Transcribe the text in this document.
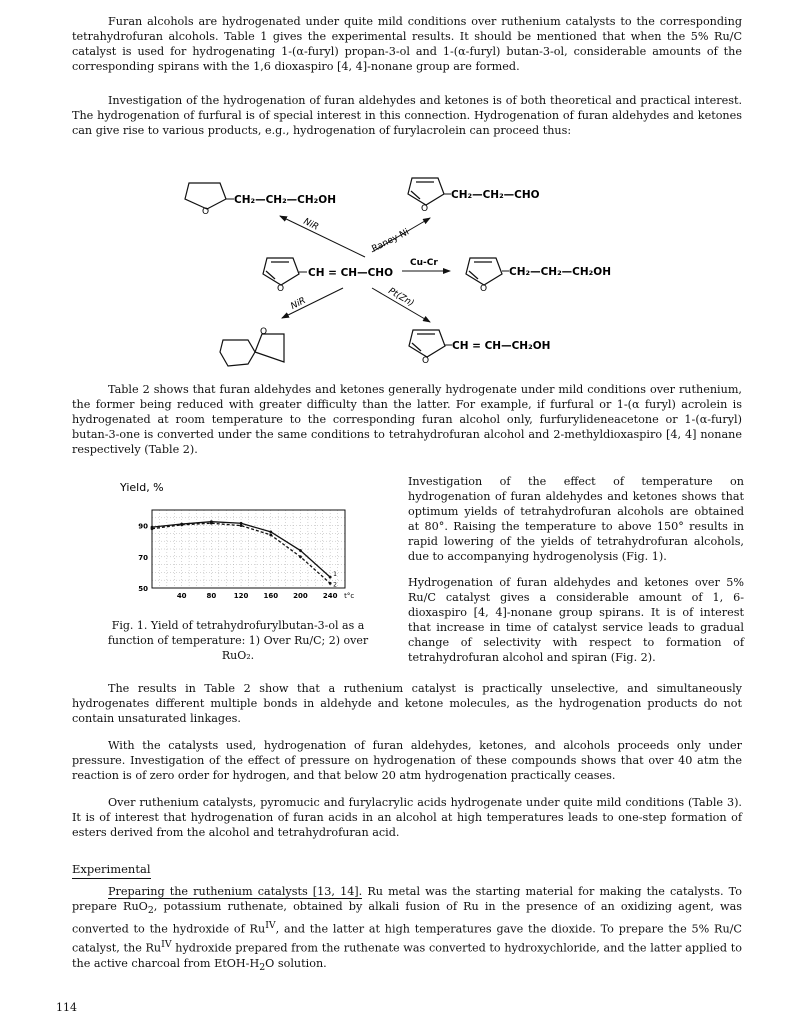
Furan alcohols are hydrogenated under quite mild conditions over ruthenium catalysts to the corresponding tetrahydrofuran alcohols. Table 1 gives the experimental results. It should be mentioned that when the 5% Ru/C catalyst is used for hydrogenating 1-(α-furyl) propan-3-ol and 1-(α-furyl) butan-3-ol, considerable amounts of the corresponding spirans with the 1,6 dioxaspiro [4, 4]-nonane group are formed.

Investigation of the hydrogenation of furan aldehydes and ketones is of both theoretical and practical interest. The hydrogenation of furfural is of special interest in this connection. Hydrogenation of furan aldehydes and ketones can give rise to various products, e.g., hydrogenation of furylacrolein can proceed thus:

O
CH₂—CH₂—CH₂OH
O
CH₂—CH₂—CHO
NiR
Raney Ni
O
CH = CH—CHO
Cu-Cr
O
CH₂—CH₂—CH₂OH
NiR	Pt(Zn)
O
O
CH = CH—CH₂OH

Table 2 shows that furan aldehydes and ketones generally hydrogenate under mild conditions over ruthenium, the former being reduced with greater difficulty than the latter. For example, if furfural or 1-(α furyl) acrolein is hydrogenated at room temperature to the corresponding furan alcohol only, furfurylideneacetone or 1-(α-furyl) butan-3-one is converted under the same conditions to tetrahydrofuran alcohol and 2-methyldioxaspiro [4, 4] nonane respectively (Table 2).

Yield, %
50
70
90
40	80	120 160 200 240 t°c
1
2

Fig. 1. Yield of tetrahydrofurylbutan-3-ol as a function of temperature: 1) Over Ru/C; 2) over RuO₂.

Investigation of the effect of temperature on hydrogenation of furan aldehydes and ketones shows that optimum yields of tetrahydrofuran alcohols are obtained at 80°. Raising the temperature to above 150° results in rapid lowering of the yields of tetrahydrofuran alcohols, due to accompanying hydrogenolysis (Fig. 1).

Hydrogenation of furan aldehydes and ketones over 5% Ru/C catalyst gives a considerable amount of 1, 6-dioxaspiro [4, 4]-nonane group spirans. It is of interest that increase in time of catalyst service leads to gradual change of selectivity with respect to formation of tetrahydrofuran alcohol and spiran (Fig. 2).

The results in Table 2 show that a ruthenium catalyst is practically unselective, and simultaneously hydrogenates different multiple bonds in aldehyde and ketone molecules, as the hydrogenation products do not contain unsaturated linkages.

With the catalysts used, hydrogenation of furan aldehydes, ketones, and alcohols proceeds only under pressure. Investigation of the effect of pressure on hydrogenation of these compounds shows that over 40 atm the reaction is of zero order for hydrogen, and that below 20 atm hydrogenation practically ceases.

Over ruthenium catalysts, pyromucic and furylacrylic acids hydrogenate under quite mild conditions (Table 3). It is of interest that hydrogenation of furan acids in an alcohol at high temperatures leads to one-step formation of esters derived from the alcohol and tetrahydrofuran acid.

Experimental

Preparing the ruthenium catalysts [13, 14]. Ru metal was the starting material for making the catalysts. To prepare RuO$_2$, potassium ruthenate, obtained by alkali fusion of Ru in the presence of an oxidizing agent, was converted to the hydroxide of $Ru^{IV}$, and the latter at high temperatures gave the dioxide. To prepare the 5% Ru/C catalyst, the $Ru^{IV}$ hydroxide prepared from the ruthenate was converted to hydroxychloride, and the latter applied to the active charcoal from EtOH-$H_2O$ solution.

114
